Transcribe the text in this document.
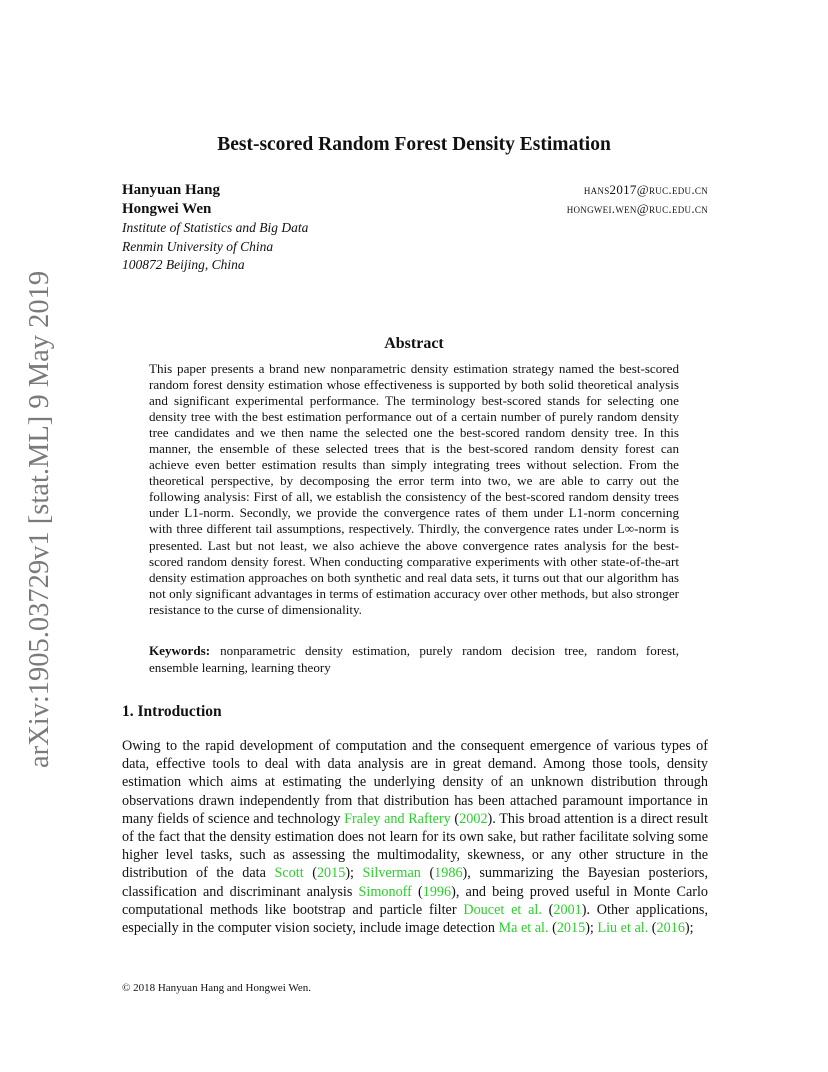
arXiv:1905.03729v1 [stat.ML] 9 May 2019
Best-scored Random Forest Density Estimation
Hanyuan Hang	hans2017@ruc.edu.cn
Hongwei Wen	hongwei.wen@ruc.edu.cn
Institute of Statistics and Big Data
Renmin University of China
100872 Beijing, China
Abstract
This paper presents a brand new nonparametric density estimation strategy named the best-scored random forest density estimation whose effectiveness is supported by both solid theoretical analysis and significant experimental performance. The terminology best-scored stands for selecting one density tree with the best estimation performance out of a certain number of purely random density tree candidates and we then name the selected one the best-scored random density tree. In this manner, the ensemble of these selected trees that is the best-scored random density forest can achieve even better estimation results than simply integrating trees without selection. From the theoretical perspective, by decomposing the error term into two, we are able to carry out the following analysis: First of all, we establish the consistency of the best-scored random density trees under L1-norm. Secondly, we provide the convergence rates of them under L1-norm concerning with three different tail assumptions, respectively. Thirdly, the convergence rates under L∞-norm is presented. Last but not least, we also achieve the above convergence rates analysis for the best-scored random density forest. When conducting comparative experiments with other state-of-the-art density estimation approaches on both synthetic and real data sets, it turns out that our algorithm has not only significant advantages in terms of estimation accuracy over other methods, but also stronger resistance to the curse of dimensionality.
Keywords: nonparametric density estimation, purely random decision tree, random forest, ensemble learning, learning theory
1. Introduction
Owing to the rapid development of computation and the consequent emergence of various types of data, effective tools to deal with data analysis are in great demand. Among those tools, density estimation which aims at estimating the underlying density of an unknown distribution through observations drawn independently from that distribution has been attached paramount importance in many fields of science and technology Fraley and Raftery (2002). This broad attention is a direct result of the fact that the density estimation does not learn for its own sake, but rather facilitate solving some higher level tasks, such as assessing the multimodality, skewness, or any other structure in the distribution of the data Scott (2015); Silverman (1986), summarizing the Bayesian posteriors, classification and discriminant analysis Simonoff (1996), and being proved useful in Monte Carlo computational methods like bootstrap and particle filter Doucet et al. (2001). Other applications, especially in the computer vision society, include image detection Ma et al. (2015); Liu et al. (2016);
© 2018 Hanyuan Hang and Hongwei Wen.
